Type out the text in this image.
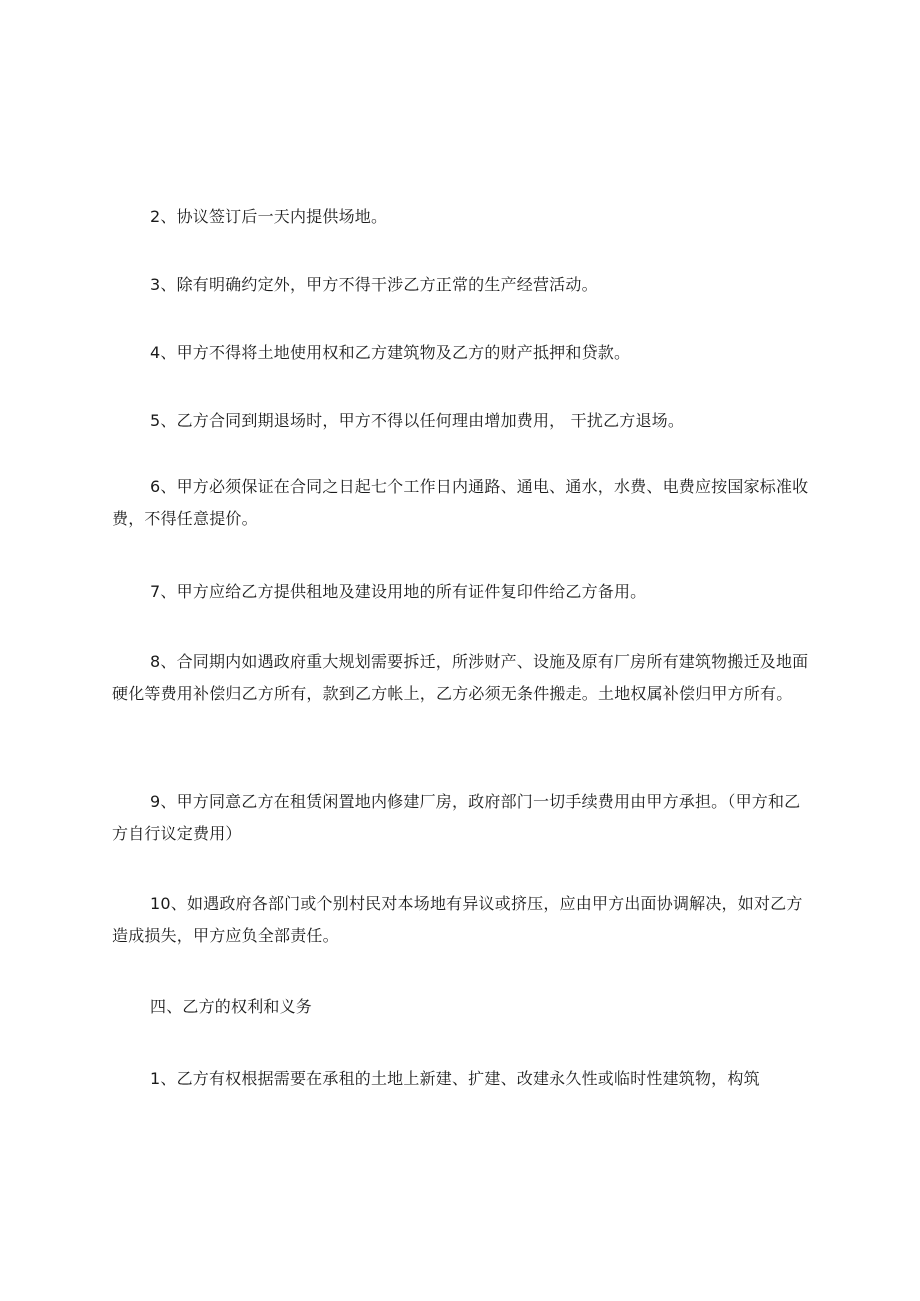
2、协议签订后一天内提供场地。

3、除有明确约定外，甲方不得干涉乙方正常的生产经营活动。

4、甲方不得将土地使用权和乙方建筑物及乙方的财产抵押和贷款。

5、乙方合同到期退场时，甲方不得以任何理由增加费用， 干扰乙方退场。

6、甲方必须保证在合同之日起七个工作日内通路、通电、通水，水费、电费应按国家标准收费，不得任意提价。

7、甲方应给乙方提供租地及建设用地的所有证件复印件给乙方备用。

8、合同期内如遇政府重大规划需要拆迁，所涉财产、设施及原有厂房所有建筑物搬迁及地面硬化等费用补偿归乙方所有，款到乙方帐上，乙方必须无条件搬走。土地权属补偿归甲方所有。

9、甲方同意乙方在租赁闲置地内修建厂房，政府部门一切手续费用由甲方承担。（甲方和乙方自行议定费用）

10、如遇政府各部门或个别村民对本场地有异议或挤压，应由甲方出面协调解决，如对乙方造成损失，甲方应负全部责任。

四、乙方的权利和义务

1、乙方有权根据需要在承租的土地上新建、扩建、改建永久性或临时性建筑物，构筑
